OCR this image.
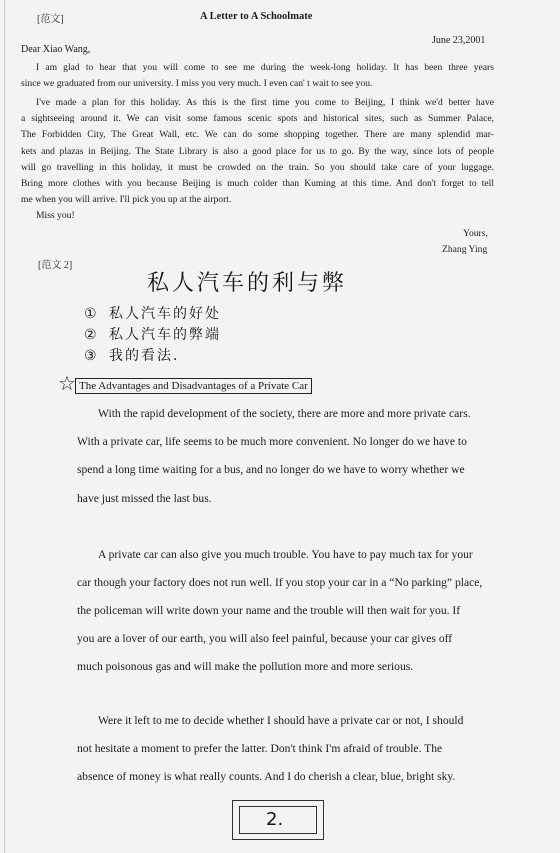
[范文]	A Letter to A Schoolmate
June 23,2001
Dear Xiao Wang,
I am glad to hear that you will come to see me during the week-long holiday. It has been three years
since we graduated from our university. I miss you very much. I even can' t wait to see you.
I've made a plan for this holiday. As this is the first time you come to Beijing, I think we'd better have
a sightseeing around it. We can visit some famous scenic spots and historical sites, such as Summer Palace,
The Forbidden City, The Great Wall, etc. We can do some shopping together. There are many splendid mar-
kets and plazas in Beijing. The State Library is also a good place for us to go. By the way, since lots of people
will go travelling in this holiday, it must be crowded on the train. So you should take care of your luggage.
Bring more clothes with you because Beijing is much colder than Kuming at this time. And don't forget to tell
me when you will arrive. I'll pick you up at the airport.
Miss you!
Yours,
Zhang Ying
[范文 2]
私人汽车的利与弊
① 私人汽车的好处
② 私人汽车的弊端
③ 我的看法.
☆ The Advantages and Disadvantages of a Private Car
With the rapid development of the society, there are more and more private cars.
With a private car, life seems to be much more convenient. No longer do we have to
spend a long time waiting for a bus, and no longer do we have to worry whether we
have just missed the last bus.
A private car can also give you much trouble. You have to pay much tax for your
car though your factory does not run well. If you stop your car in a “No parking” place,
the policeman will write down your name and the trouble will then wait for you. If
you are a lover of our earth, you will also feel painful, because your car gives off
much poisonous gas and will make the pollution more and more serious.
Were it left to me to decide whether I should have a private car or not, I should
not hesitate a moment to prefer the latter. Don't think I'm afraid of trouble. The
absence of money is what really counts. And I do cherish a clear, blue, bright sky.
2.
